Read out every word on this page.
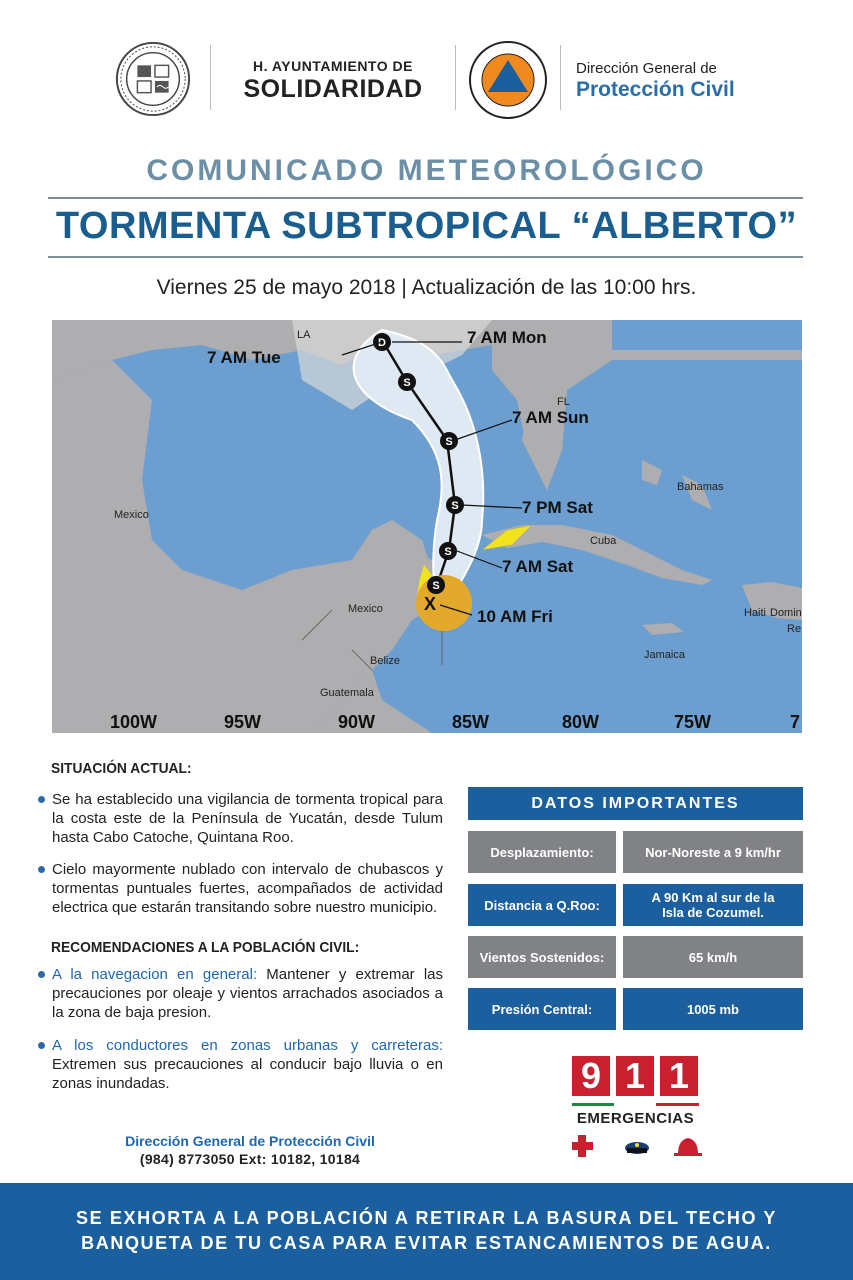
H. AYUNTAMIENTO DE
SOLIDARIDAD
Dirección General de
Protección Civil
COMUNICADO METEOROLÓGICO
TORMENTA SUBTROPICAL “ALBERTO”
Viernes 25 de mayo 2018 | Actualización de las 10:00 hrs.
D
S
S
S
S
S
X
7 AM Mon
7 AM Tue
7 AM Sun
7 PM Sat
7 AM Sat
10 AM Fri
Mexico
Mexico
Belize
Guatemala
Cuba
Bahamas
Jamaica
Haiti Domin
Re
FL
LA
100W	95W	90W	85W	80W	75W	7
SITUACIÓN ACTUAL:
Se ha establecido una vigilancia de tormenta tropical para la costa este de la Península de Yucatán, desde Tulum hasta Cabo Catoche, Quintana Roo.
Cielo mayormente nublado con intervalo de chubascos y tormentas puntuales fuertes, acompañados de actividad electrica que estarán transitando sobre nuestro municipio.
RECOMENDACIONES A LA POBLACIÓN CIVIL:
A la navegacion en general: Mantener y extremar las precauciones por oleaje y vientos arrachados asociados a la zona de baja presion.
A los conductores en zonas urbanas y carreteras: Extremen sus precauciones al conducir bajo lluvia o en zonas inundadas.
Dirección General de Protección Civil
(984) 8773050 Ext: 10182, 10184
DATOS IMPORTANTES
Desplazamiento:	Nor-Noreste a 9 km/hr
Distancia a Q.Roo:	A 90 Km al sur de la Isla de Cozumel.
Vientos Sostenidos:	65 km/h
Presión Central:	1005 mb
9 1 1
EMERGENCIAS
SE EXHORTA A LA POBLACIÓN A RETIRAR LA BASURA DEL TECHO Y
BANQUETA DE TU CASA PARA EVITAR ESTANCAMIENTOS DE AGUA.
